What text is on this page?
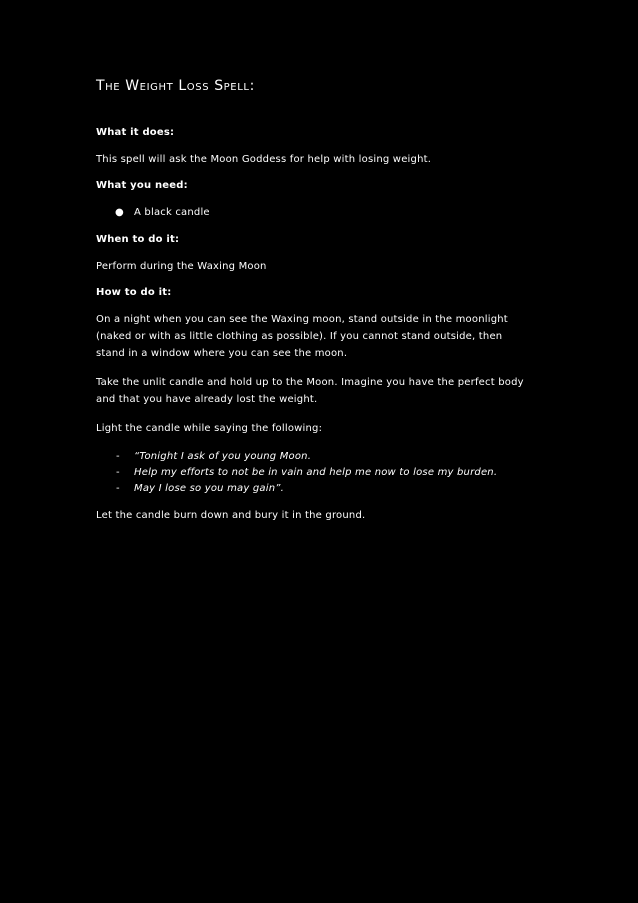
The Weight Loss Spell:
What it does:
This spell will ask the Moon Goddess for help with losing weight.
What you need:
● A black candle
When to do it:
Perform during the Waxing Moon
How to do it:
On a night when you can see the Waxing moon, stand outside in the moonlight
(naked or with as little clothing as possible). If you cannot stand outside, then
stand in a window where you can see the moon.
Take the unlit candle and hold up to the Moon. Imagine you have the perfect body
and that you have already lost the weight.
Light the candle while saying the following:
- “Tonight I ask of you young Moon.
- Help my efforts to not be in vain and help me now to lose my burden.
- May I lose so you may gain”.
Let the candle burn down and bury it in the ground.
